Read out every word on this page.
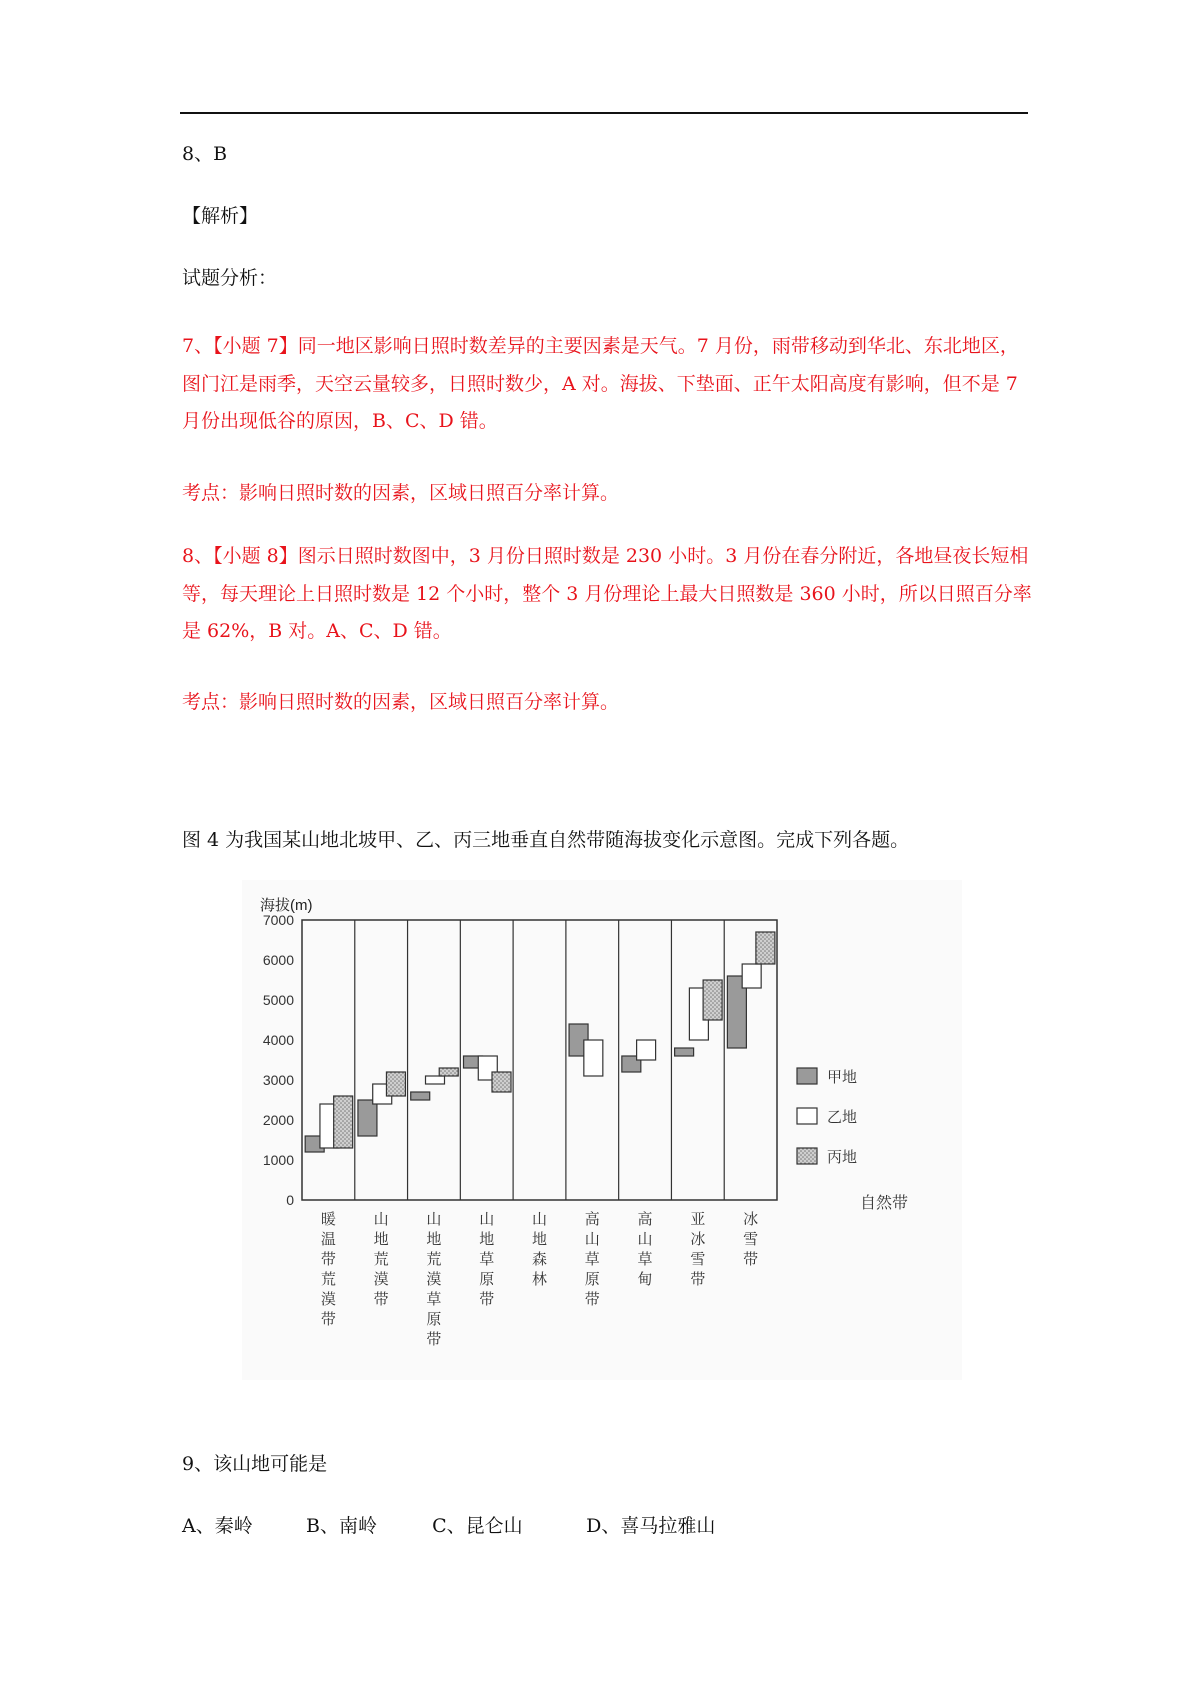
8、B
【解析】
试题分析：
7、【小题 7】同一地区影响日照时数差异的主要因素是天气。7 月份，雨带移动到华北、东北地区，图门江是雨季，天空云量较多，日照时数少，A 对。海拔、下垫面、正午太阳高度有影响，但不是 7 月份出现低谷的原因，B、C、D 错。
考点：影响日照时数的因素，区域日照百分率计算。
8、【小题 8】图示日照时数图中，3 月份日照时数是 230 小时。3 月份在春分附近，各地昼夜长短相等，每天理论上日照时数是 12 个小时，整个 3 月份理论上最大日照数是 360 小时，所以日照百分率是 62%，B 对。A、C、D 错。
考点：影响日照时数的因素，区域日照百分率计算。
图 4 为我国某山地北坡甲、乙、丙三地垂直自然带随海拔变化示意图。完成下列各题。
海拔(m)
0
1000
2000
3000
4000
5000
6000
7000
暖温带荒漠带
山地荒漠带
山地荒漠草原带
山地草原带
山地森林
高山草原带
高山草甸
亚冰雪带
冰雪带
甲地
乙地
丙地
自然带
9、该山地可能是
A、秦岭	B、南岭	C、昆仑山	D、喜马拉雅山
